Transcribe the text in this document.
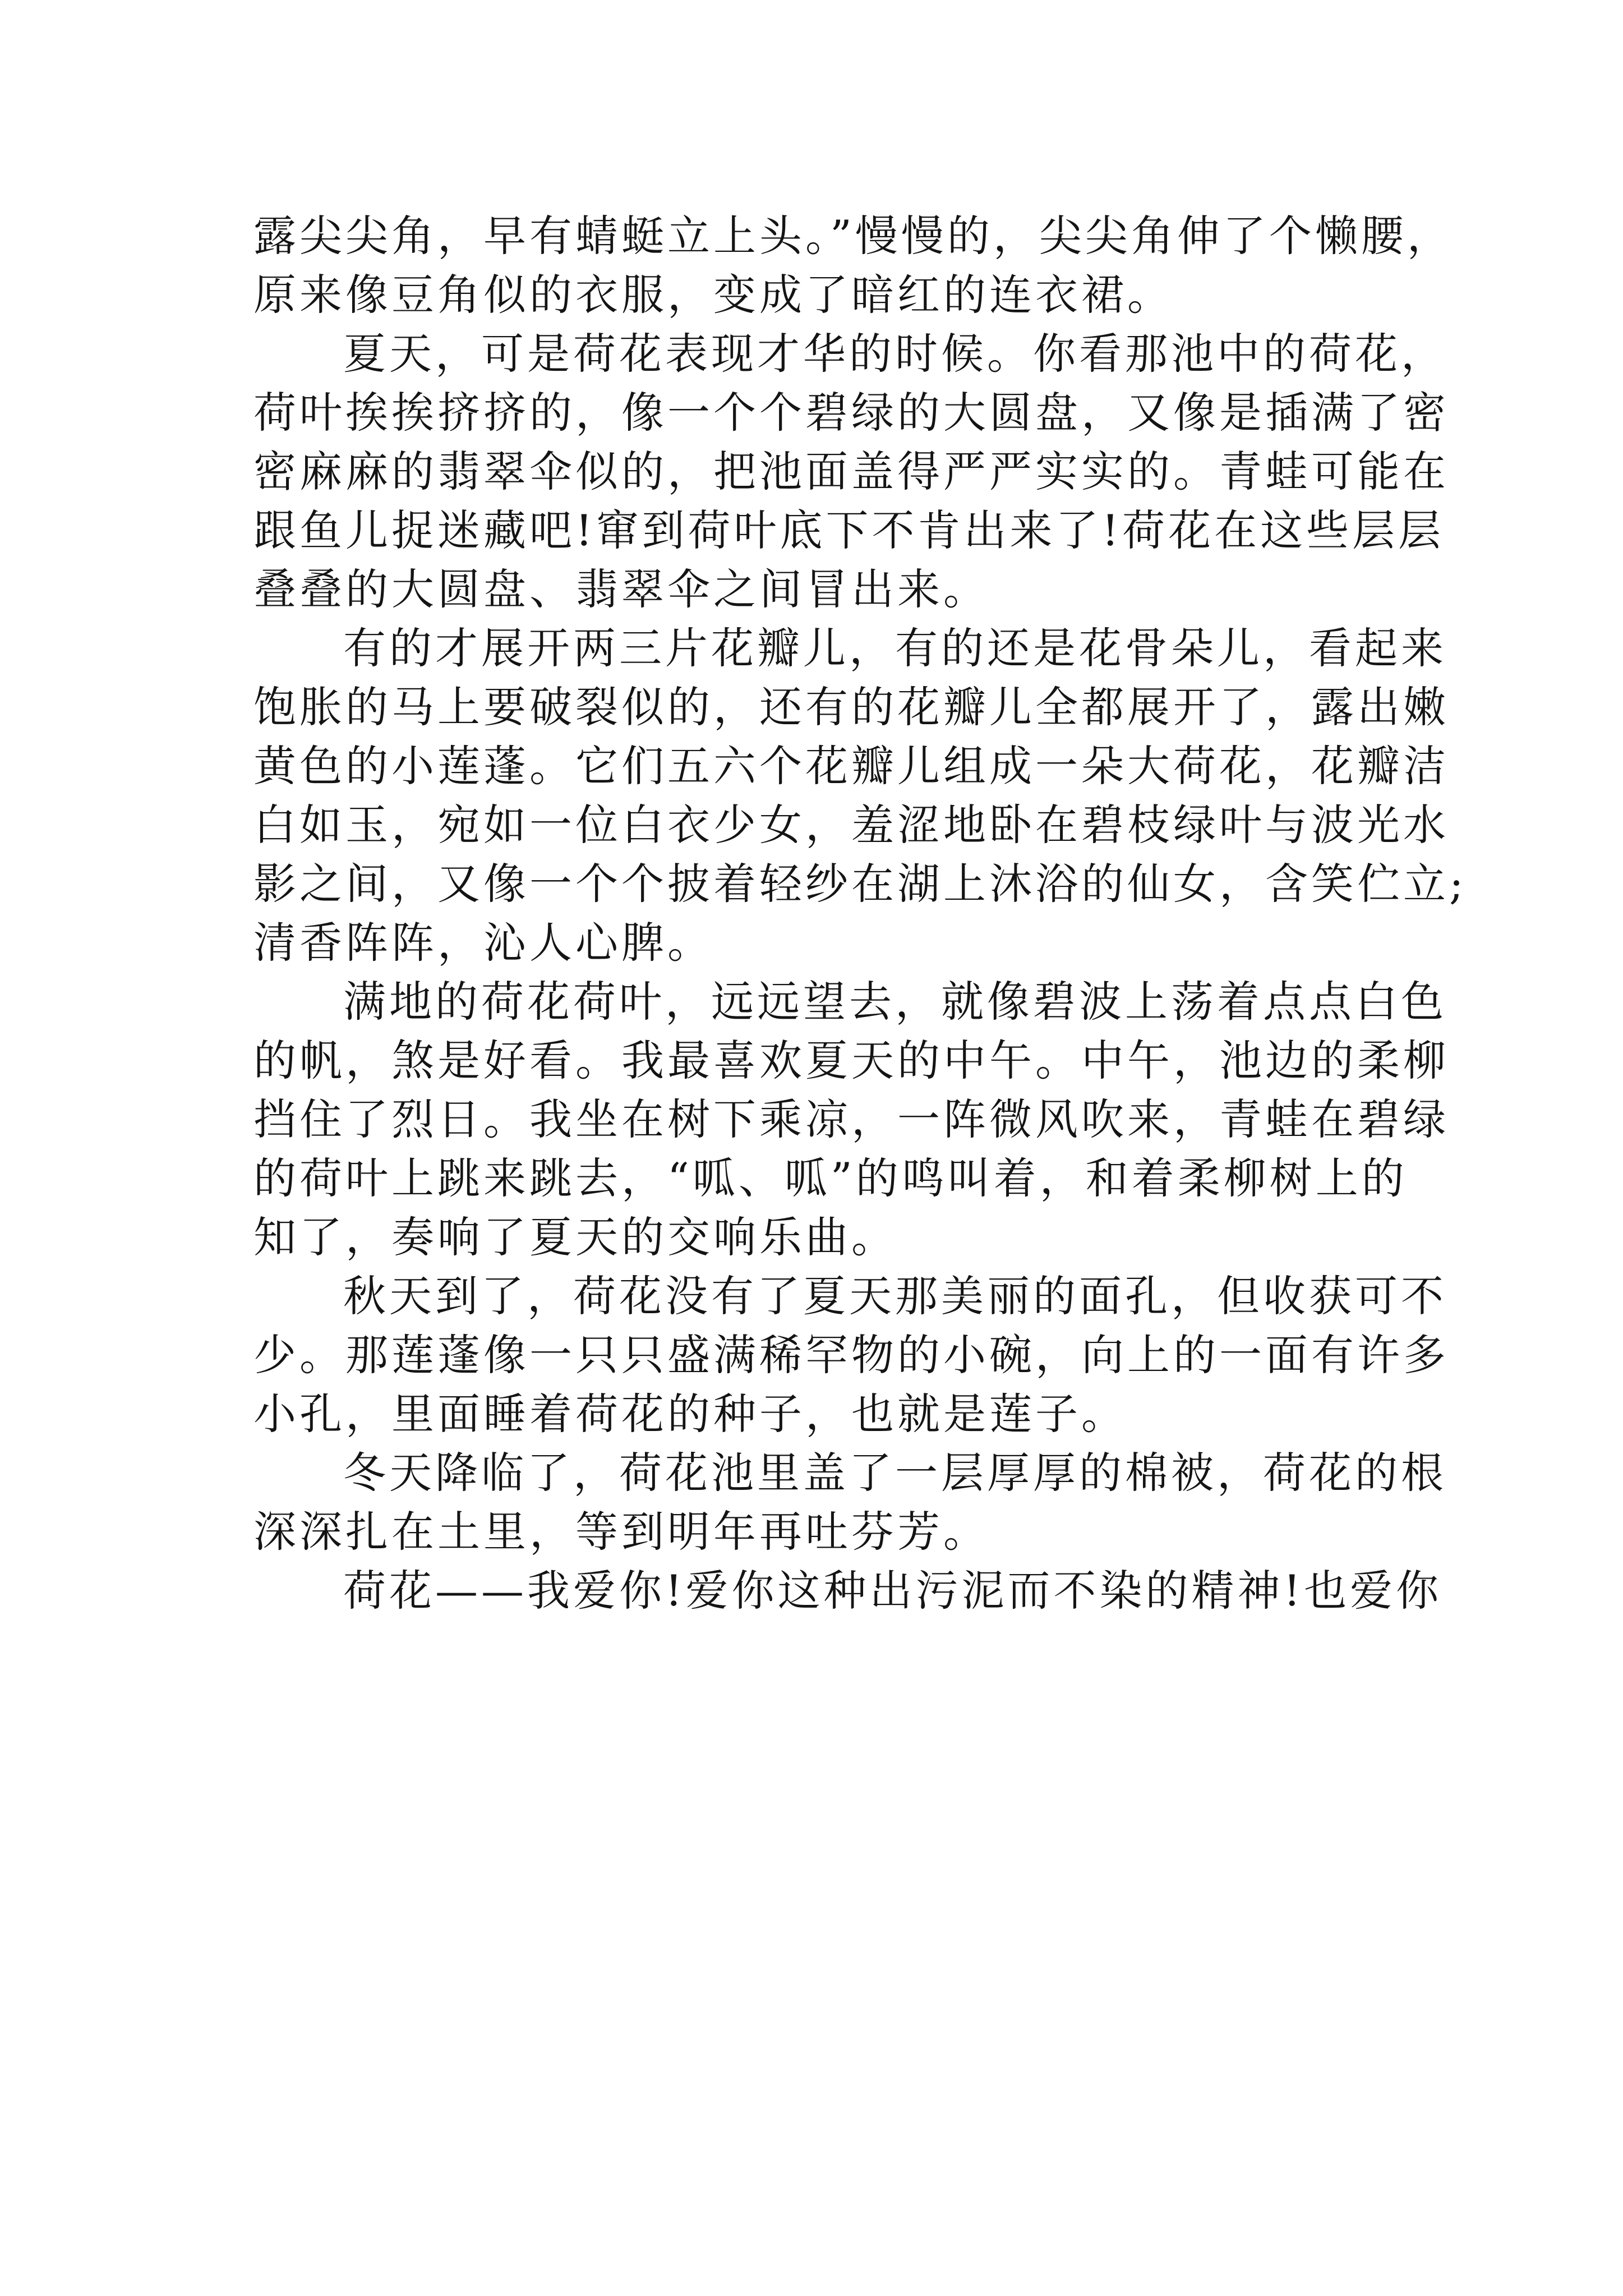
露尖尖角，早有蜻蜓立上头。”慢慢的，尖尖角伸了个懒腰，
原来像豆角似的衣服，变成了暗红的连衣裙。
夏天，可是荷花表现才华的时候。你看那池中的荷花，
荷叶挨挨挤挤的，像一个个碧绿的大圆盘，又像是插满了密
密麻麻的翡翠伞似的，把池面盖得严严实实的。青蛙可能在
跟鱼儿捉迷藏吧!窜到荷叶底下不肯出来了!荷花在这些层层
叠叠的大圆盘、翡翠伞之间冒出来。
有的才展开两三片花瓣儿，有的还是花骨朵儿，看起来
饱胀的马上要破裂似的，还有的花瓣儿全都展开了，露出嫩
黄色的小莲蓬。它们五六个花瓣儿组成一朵大荷花，花瓣洁
白如玉，宛如一位白衣少女，羞涩地卧在碧枝绿叶与波光水
影之间，又像一个个披着轻纱在湖上沐浴的仙女，含笑伫立;
清香阵阵，沁人心脾。
满地的荷花荷叶，远远望去，就像碧波上荡着点点白色
的帆，煞是好看。我最喜欢夏天的中午。中午，池边的柔柳
挡住了烈日。我坐在树下乘凉，一阵微风吹来，青蛙在碧绿
的荷叶上跳来跳去，“呱、呱”的鸣叫着，和着柔柳树上的
知了，奏响了夏天的交响乐曲。
秋天到了，荷花没有了夏天那美丽的面孔，但收获可不
少。那莲蓬像一只只盛满稀罕物的小碗，向上的一面有许多
小孔，里面睡着荷花的种子，也就是莲子。
冬天降临了，荷花池里盖了一层厚厚的棉被，荷花的根
深深扎在土里，等到明年再吐芬芳。
荷花——我爱你!爱你这种出污泥而不染的精神!也爱你
